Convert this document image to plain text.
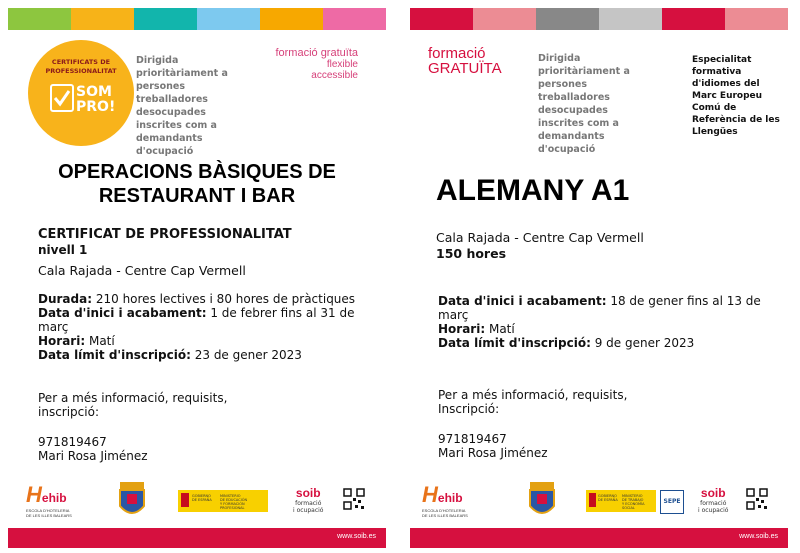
CERTIFICATS DE
PROFESSIONALITAT
SOM
PRO!
Dirigida
prioritàriament a
persones
treballadores
desocupades
inscrites com a
demandants
d'ocupació
formació gratuïta
flexible
accessible
OPERACIONS BÀSIQUES DE
RESTAURANT I BAR
CERTIFICAT DE PROFESSIONALITAT
nivell 1
Cala Rajada - Centre Cap Vermell
Durada: 210 hores lectives i 80 hores de pràctiques
Data d'inici i acabament: 1 de febrer fins al 31 de
març
Horari: Matí
Data límit d'inscripció: 23 de gener 2023
Per a més informació, requisits,
inscripció:
971819467
Mari Rosa Jiménez
Hehib
ESCOLA D'HOTELERIA
DE LES ILLES BALEARS
GOBIERNO
DE ESPAÑA
MINISTERIO
DE EDUCACIÓN
Y FORMACIÓN PROFESIONAL
soib
formació
i ocupació
www.soib.es
formació
GRATUÏTA
Dirigida
prioritàriament a
persones
treballadores
desocupades
inscrites com a
demandants
d'ocupació
Especialitat
formativa
d'idiomes del
Marc Europeu
Comú de
Referència de les
Llengües
ALEMANY A1
Cala Rajada - Centre Cap Vermell
150 hores
Data d'inici i acabament: 18 de gener fins al 13 de
març
Horari: Matí
Data límit d'inscripció: 9 de gener 2023
Per a més informació, requisits,
Inscripció:
971819467
Mari Rosa Jiménez
Hehib
ESCOLA D'HOTELERIA
DE LES ILLES BALEARS
GOBIERNO
DE ESPAÑA
MINISTERIO
DE TRABAJO
Y ECONOMÍA SOCIAL
SEPE
soib
formació
i ocupació
www.soib.es
